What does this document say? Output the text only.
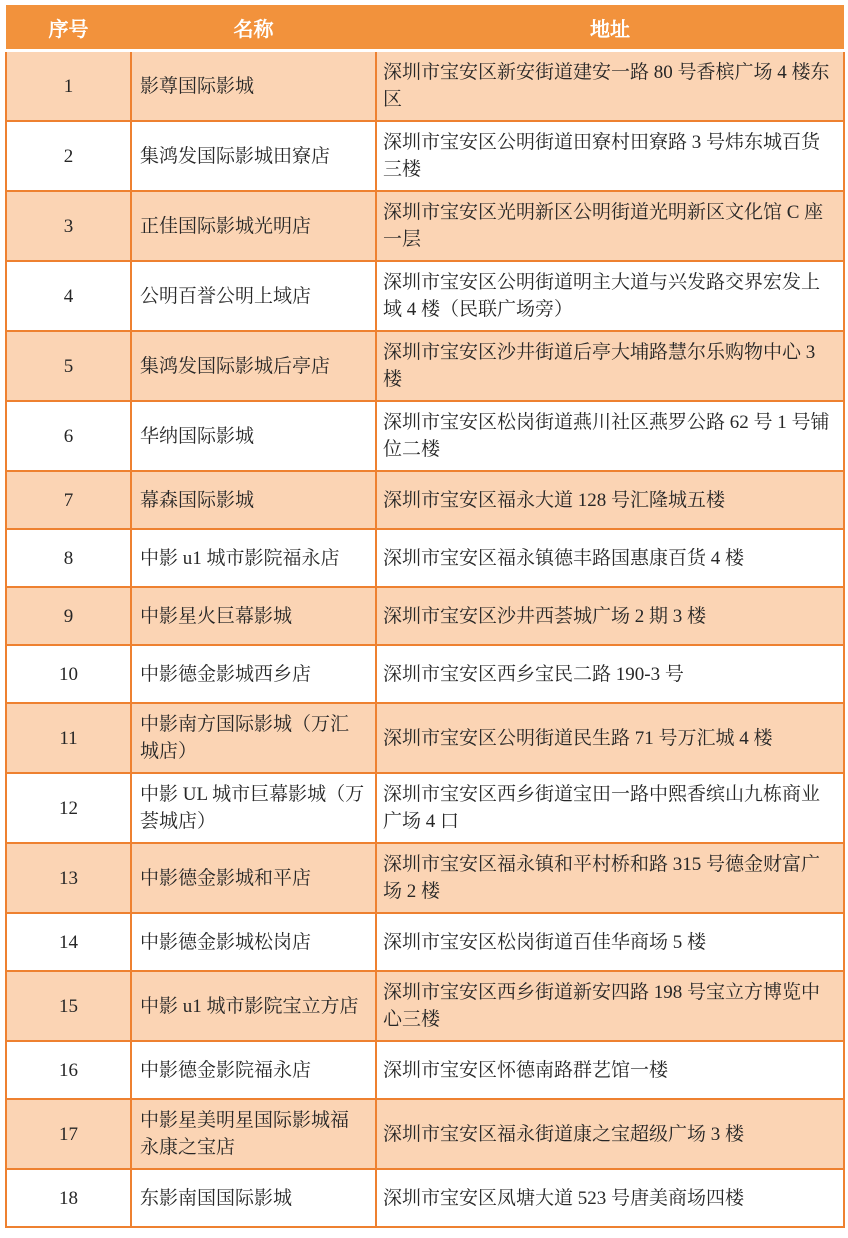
序号	名称	地址
1	影尊国际影城	深圳市宝安区新安街道建安一路 80 号香槟广场 4 楼东区
2	集鸿发国际影城田寮店	深圳市宝安区公明街道田寮村田寮路 3 号炜东城百货三楼
3	正佳国际影城光明店	深圳市宝安区光明新区公明街道光明新区文化馆 C 座一层
4	公明百誉公明上域店	深圳市宝安区公明街道明主大道与兴发路交界宏发上域 4 楼（民联广场旁）
5	集鸿发国际影城后亭店	深圳市宝安区沙井街道后亭大埔路慧尔乐购物中心 3 楼
6	华纳国际影城	深圳市宝安区松岗街道燕川社区燕罗公路 62 号 1 号铺位二楼
7	幕森国际影城	深圳市宝安区福永大道 128 号汇隆城五楼
8	中影 u1 城市影院福永店	深圳市宝安区福永镇德丰路国惠康百货 4 楼
9	中影星火巨幕影城	深圳市宝安区沙井西荟城广场 2 期 3 楼
10	中影德金影城西乡店	深圳市宝安区西乡宝民二路 190-3 号
11	中影南方国际影城（万汇城店）	深圳市宝安区公明街道民生路 71 号万汇城 4 楼
12	中影 UL 城市巨幕影城（万荟城店）	深圳市宝安区西乡街道宝田一路中熙香缤山九栋商业广场 4 口
13	中影德金影城和平店	深圳市宝安区福永镇和平村桥和路 315 号德金财富广场 2 楼
14	中影德金影城松岗店	深圳市宝安区松岗街道百佳华商场 5 楼
15	中影 u1 城市影院宝立方店	深圳市宝安区西乡街道新安四路 198 号宝立方博览中心三楼
16	中影德金影院福永店	深圳市宝安区怀德南路群艺馆一楼
17	中影星美明星国际影城福永康之宝店	深圳市宝安区福永街道康之宝超级广场 3 楼
18	东影南国国际影城	深圳市宝安区凤塘大道 523 号唐美商场四楼
